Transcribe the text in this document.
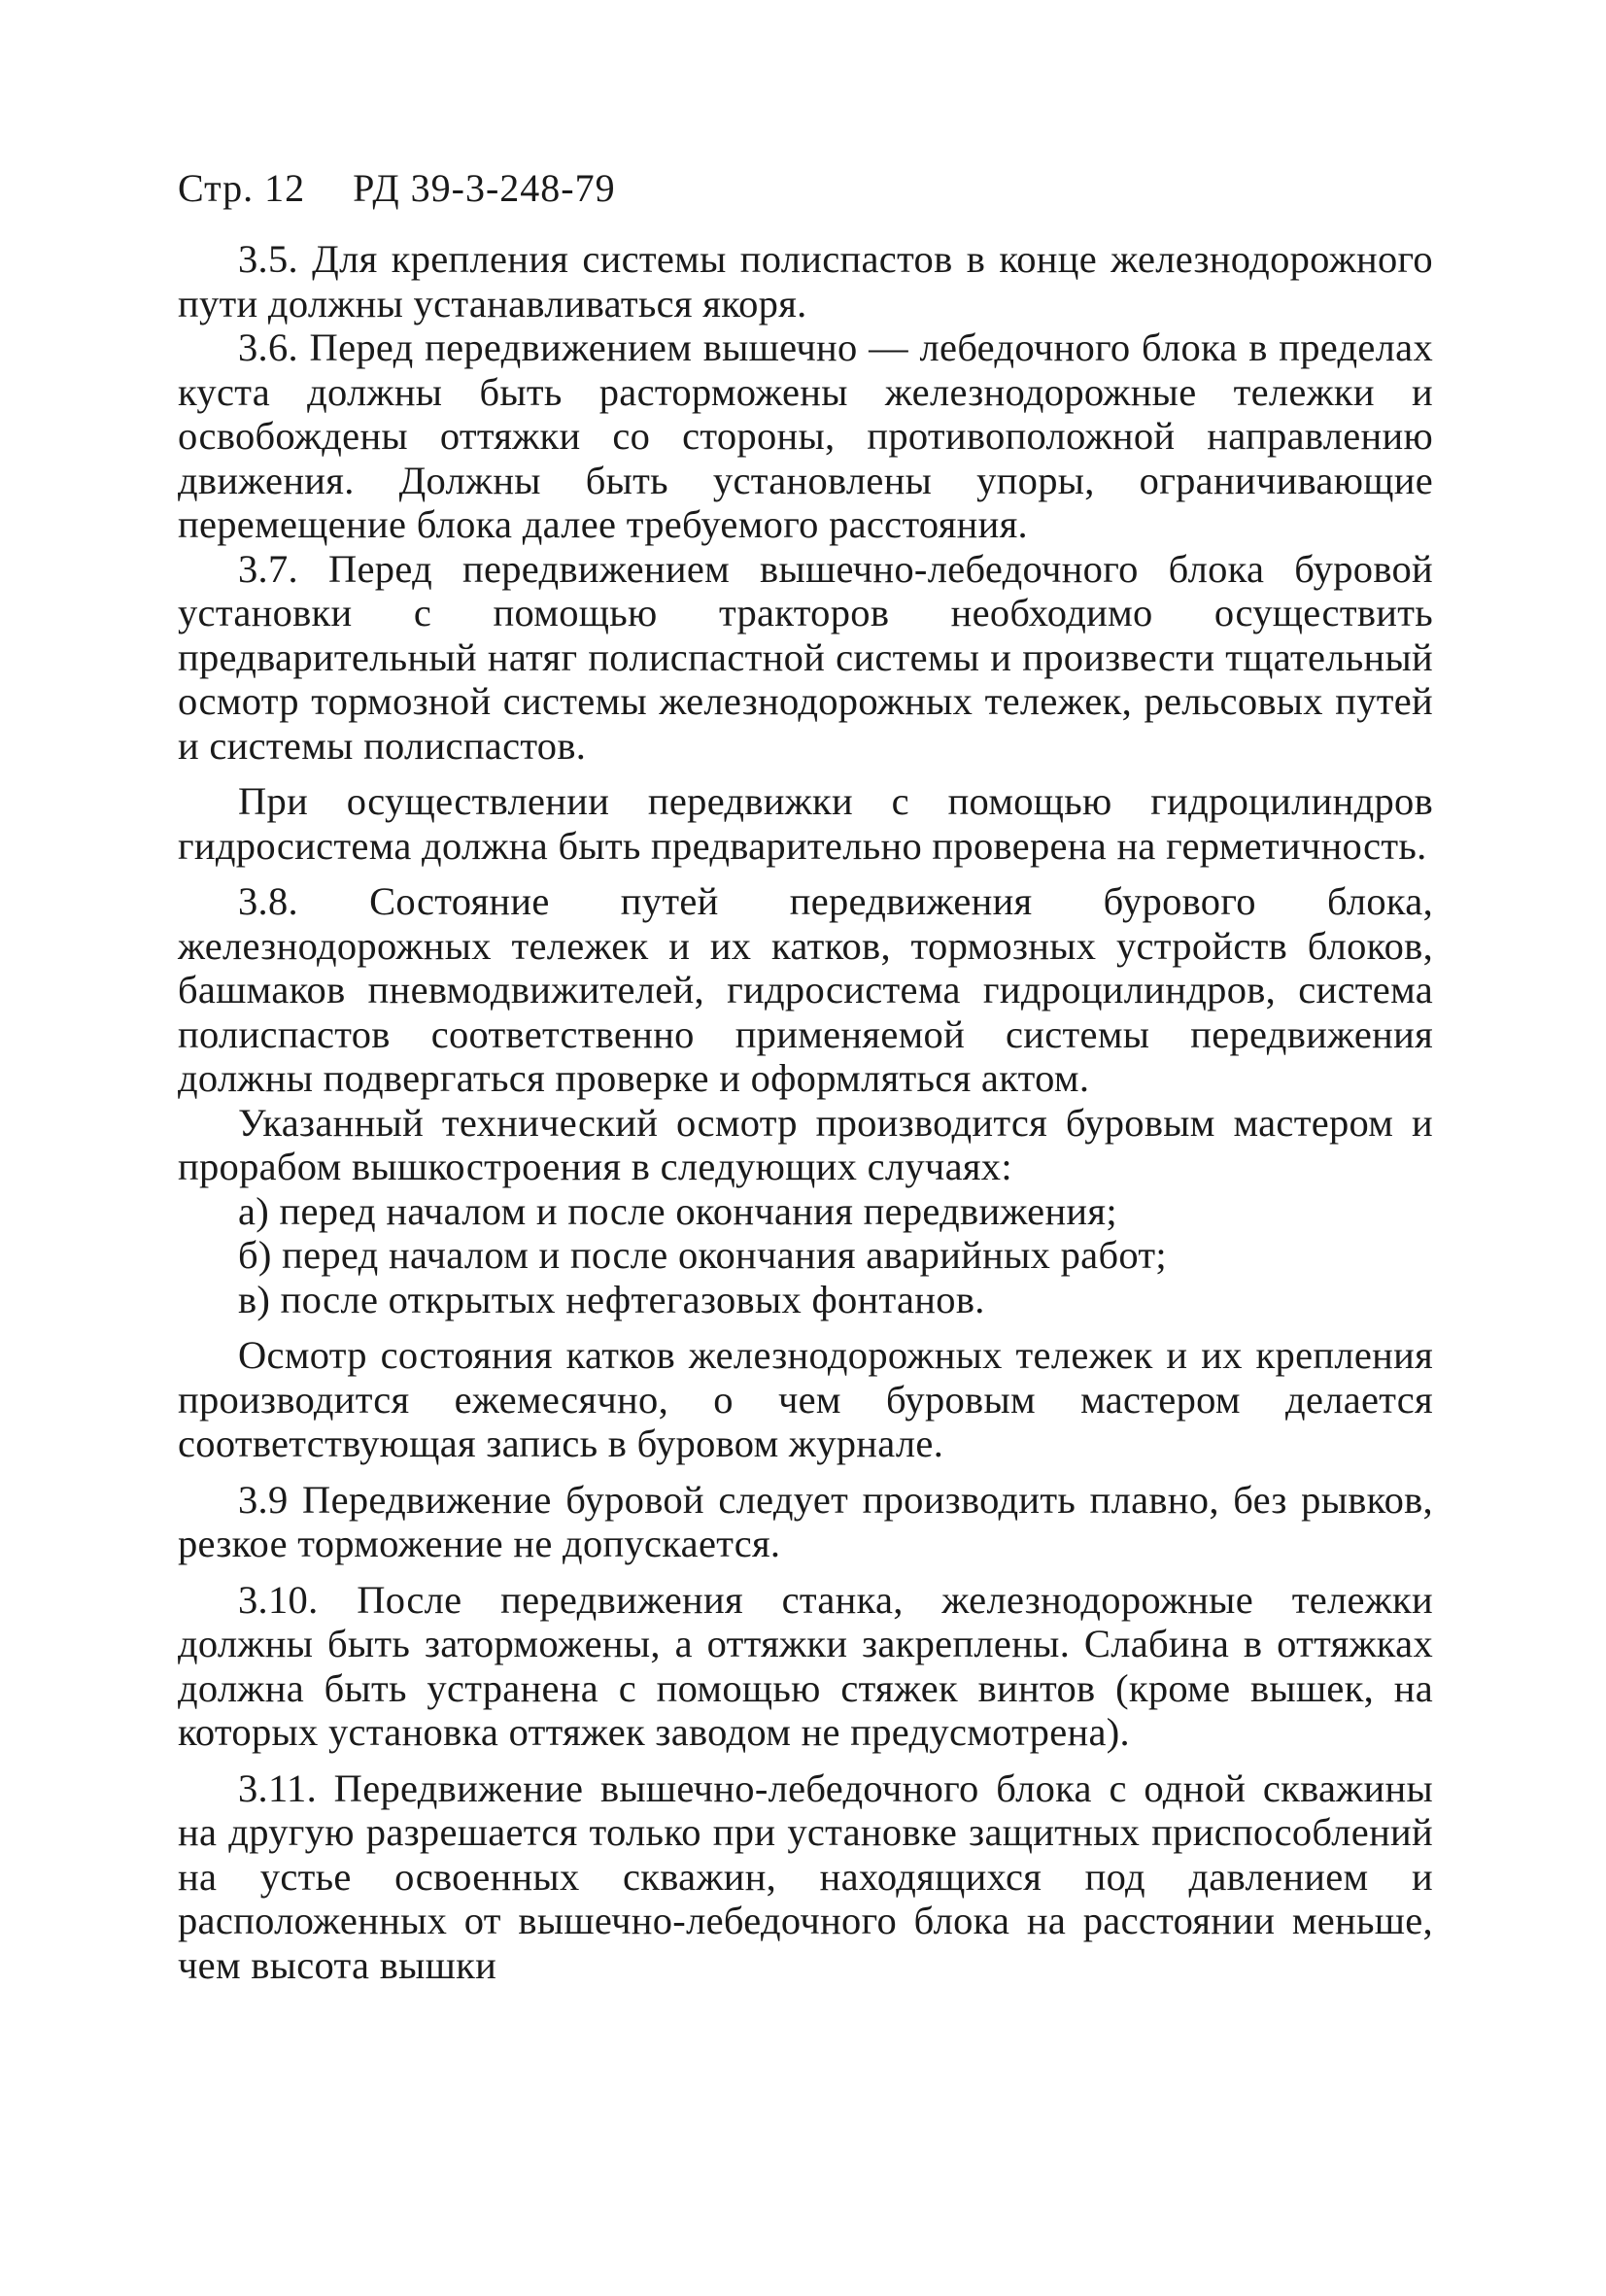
Стр. 12 РД 39-3-248-79

3.5. Для крепления системы полиспастов в конце железнодорожного пути должны устанавливаться якоря.

3.6. Перед передвижением вышечно — лебедочного блока в пределах куста должны быть расторможены железнодорожные тележки и освобождены оттяжки со стороны, противоположной направлению движения. Должны быть установлены упоры, ограничивающие перемещение блока далее требуемого расстояния.

3.7. Перед передвижением вышечно-лебедочного блока буровой установки с помощью тракторов необходимо осуществить предварительный натяг полиспастной системы и произвести тщательный осмотр тормозной системы железнодорожных тележек, рельсовых путей и системы полиспастов.

При осуществлении передвижки с помощью гидроцилиндров гидросистема должна быть предварительно проверена на герметичность.

3.8. Состояние путей передвижения бурового блока, железнодорожных тележек и их катков, тормозных устройств блоков, башмаков пневмодвижителей, гидросистема гидроцилиндров, система полиспастов соответственно применяемой системы передвижения должны подвергаться проверке и оформляться актом.

Указанный технический осмотр производится буровым мастером и прорабом вышкостроения в следующих случаях:

а) перед началом и после окончания передвижения;
б) перед началом и после окончания аварийных работ;
в) после открытых нефтегазовых фонтанов.

Осмотр состояния катков железнодорожных тележек и их крепления производится ежемесячно, о чем буровым мастером делается соответствующая запись в буровом журнале.

3.9 Передвижение буровой следует производить плавно, без рывков, резкое торможение не допускается.

3.10. После передвижения станка, железнодорожные тележки должны быть заторможены, а оттяжки закреплены. Слабина в оттяжках должна быть устранена с помощью стяжек винтов (кроме вышек, на которых установка оттяжек заводом не предусмотрена).

3.11. Передвижение вышечно-лебедочного блока с одной скважины на другую разрешается только при установке защитных приспособлений на устье освоенных скважин, находящихся под давлением и расположенных от вышечно-лебедочного блока на расстоянии меньше, чем высота вышки
